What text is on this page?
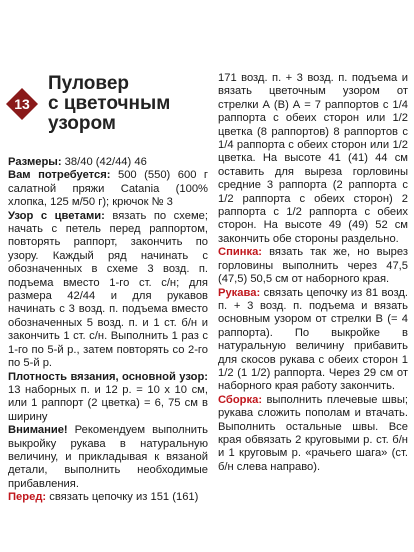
13
Пуловер
с цветочным
узором

Размеры: 38/40 (42/44) 46

Вам потребуется: 500 (550) 600 г салатной пряжи Catania (100% хлопка, 125 м/50 г); крючок № 3

Узор с цветами: вязать по схеме; начать с петель перед раппортом, повторять раппорт, закончить по узору. Каждый ряд начинать с обозначенных в схеме 3 возд. п. подъема вместо 1-го ст. с/н; для размера 42/44 и для рукавов начинать с 3 возд. п. подъема вместо обозначенных 5 возд. п. и 1 ст. б/н и закончить 1 ст. с/н. Выполнить 1 раз с 1-го по 5-й р., затем повторять со 2-го по 5-й р.

Плотность вязания, основной узор: 13 наборных п. и 12 р. = 10 х 10 см, или 1 раппорт (2 цветка) = 6, 75 см в ширину

Внимание! Рекомендуем выполнить выкройку рукава в натуральную величину, и прикладывая к вязаной детали, выполнить необходимые прибавления.

Перед: связать цепочку из 151 (161)

171 возд. п. + 3 возд. п. подъема и вязать цветочным узором от стрелки А (В) А = 7 раппортов с 1/4 раппорта с обеих сторон или 1/2 цветка (8 раппортов) 8 раппортов с 1/4 раппорта с обеих сторон или 1/2 цветка. На высоте 41 (41) 44 см оставить для выреза горловины средние 3 раппорта (2 раппорта с 1/2 раппорта с обеих сторон) 2 раппорта с 1/2 раппорта с обеих сторон. На высоте 49 (49) 52 см закончить обе стороны раздельно.

Спинка: вязать так же, но вырез горловины выполнить через 47,5 (47,5) 50,5 см от наборного края.

Рукава: связать цепочку из 81 возд. п. + 3 возд. п. подъема и вязать основным узором от стрелки В (= 4 раппорта). По выкройке в натуральную величину прибавить для скосов рукава с обеих сторон 1 1/2 (1 1/2) раппорта. Через 29 см от наборного края работу закончить.

Сборка: выполнить плечевые швы; рукава сложить пополам и втачать. Выполнить остальные швы. Все края обвязать 2 круговыми р. ст. б/н и 1 круговым р. «рачьего шага» (ст. б/н слева направо).
